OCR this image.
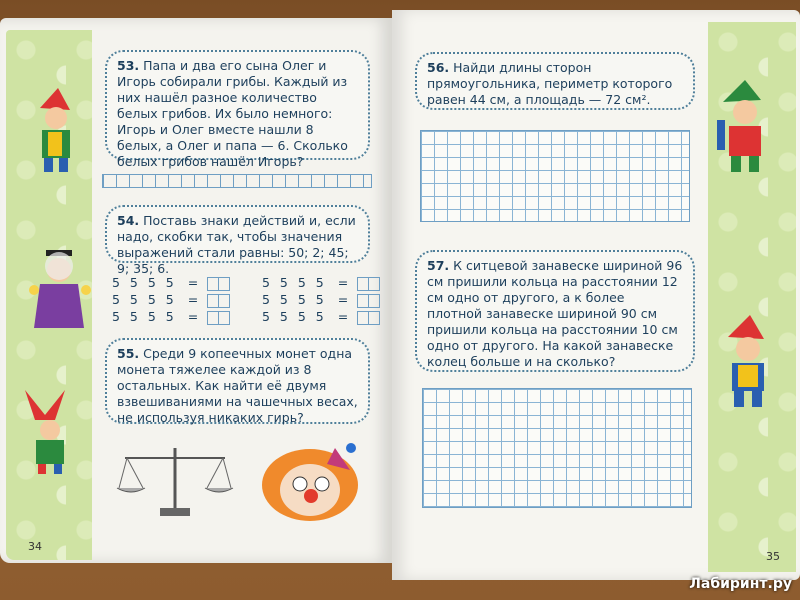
53. Папа и два его сына Олег и Игорь собирали грибы. Каждый из них нашёл разное количество белых грибов. Их было немного: Игорь и Олег вместе нашли 8 белых, а Олег и папа — 6. Сколько белых грибов нашёл Игорь?
54. Поставь знаки действий и, если надо, скобки так, чтобы значения выражений стали равны: 50; 2; 45; 9; 35; 6.
5 5 5 5 =
5 5 5 5 =
5 5 5 5 =
5 5 5 5 =
5 5 5 5 =
5 5 5 5 =
55. Среди 9 копеечных монет одна монета тяжелее каждой из 8 остальных. Как найти её двумя взвешиваниями на чашечных весах, не используя никаких гирь?
56. Найди длины сторон прямоугольника, периметр которого равен 44 см, а площадь — 72 см².
57. К ситцевой занавеске шириной 96 см пришили кольца на расстоянии 12 см одно от другого, а к более плотной занавеске шириной 90 см пришили кольца на расстоянии 10 см одно от другого. На какой занавеске колец больше и на сколько?
34
35
Лабиринт.ру
